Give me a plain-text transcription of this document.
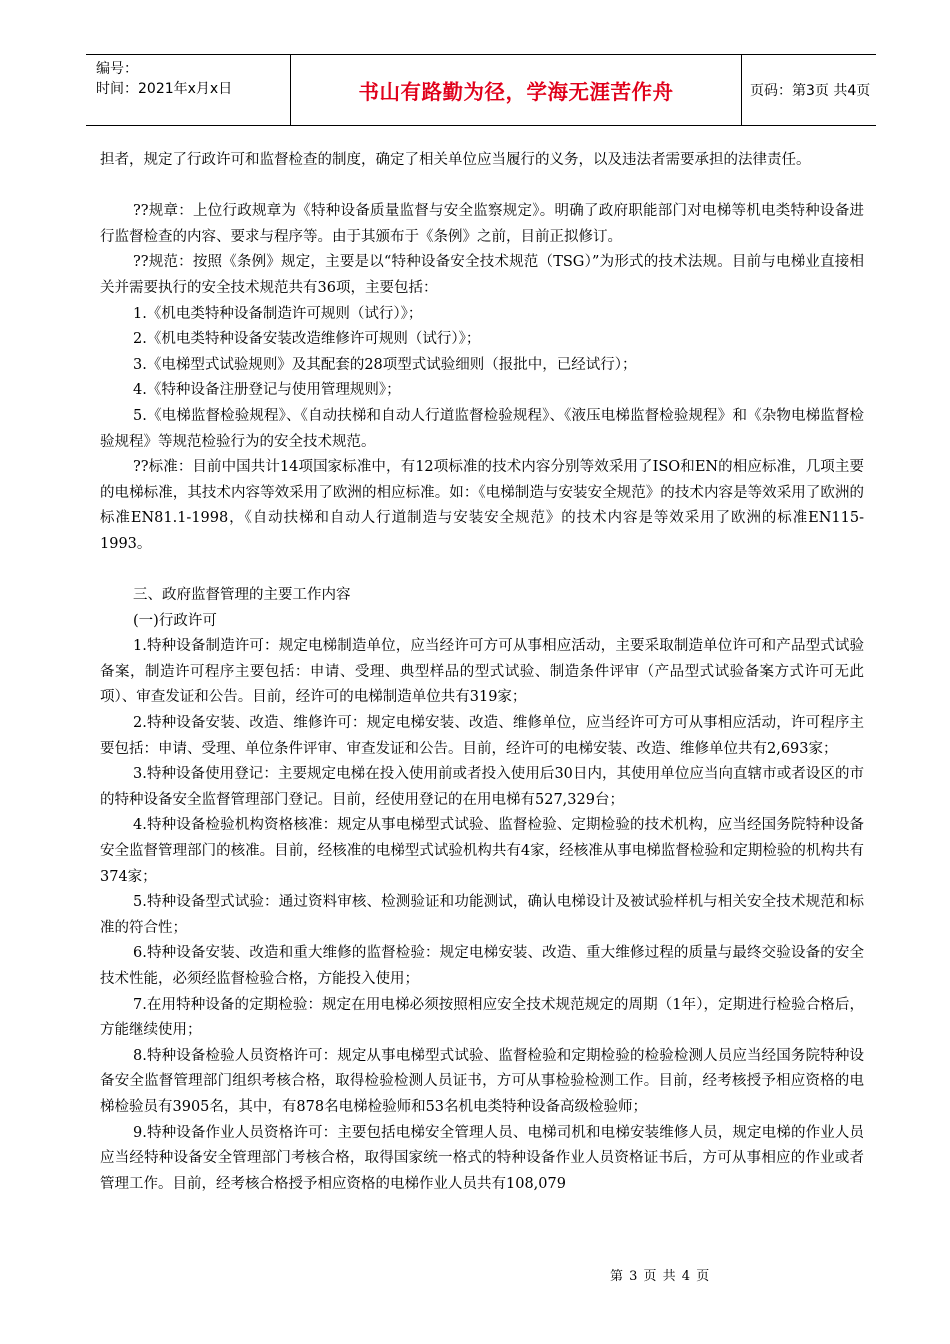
编号：
时间：2021年x月x日	书山有路勤为径，学海无涯苦作舟	页码：第3页 共4页

担者，规定了行政许可和监督检查的制度，确定了相关单位应当履行的义务，以及违法者需要承担的法律责任。

??规章：上位行政规章为《特种设备质量监督与安全监察规定》。明确了政府职能部门对电梯等机电类特种设备进行监督检查的内容、要求与程序等。由于其颁布于《条例》之前，目前正拟修订。

??规范：按照《条例》规定，主要是以“特种设备安全技术规范（TSG）”为形式的技术法规。目前与电梯业直接相关并需要执行的安全技术规范共有36项，主要包括：

1.《机电类特种设备制造许可规则（试行）》；

2.《机电类特种设备安装改造维修许可规则（试行）》；

3.《电梯型式试验规则》及其配套的28项型式试验细则（报批中，已经试行）；

4.《特种设备注册登记与使用管理规则》；

5.《电梯监督检验规程》、《自动扶梯和自动人行道监督检验规程》、《液压电梯监督检验规程》和《杂物电梯监督检验规程》等规范检验行为的安全技术规范。

??标准：目前中国共计14项国家标准中，有12项标准的技术内容分别等效采用了ISO和EN的相应标准，几项主要的电梯标准，其技术内容等效采用了欧洲的相应标准。如：《电梯制造与安装安全规范》的技术内容是等效采用了欧洲的标准EN81.1-1998，《自动扶梯和自动人行道制造与安装安全规范》的技术内容是等效采用了欧洲的标准EN115-1993。

三、政府监督管理的主要工作内容

(一)行政许可

1.特种设备制造许可：规定电梯制造单位，应当经许可方可从事相应活动，主要采取制造单位许可和产品型式试验备案，制造许可程序主要包括：申请、受理、典型样品的型式试验、制造条件评审（产品型式试验备案方式许可无此项）、审查发证和公告。目前，经许可的电梯制造单位共有319家；

2.特种设备安装、改造、维修许可：规定电梯安装、改造、维修单位，应当经许可方可从事相应活动，许可程序主要包括：申请、受理、单位条件评审、审查发证和公告。目前，经许可的电梯安装、改造、维修单位共有2,693家；

3.特种设备使用登记：主要规定电梯在投入使用前或者投入使用后30日内，其使用单位应当向直辖市或者设区的市的特种设备安全监督管理部门登记。目前，经使用登记的在用电梯有527,329台；

4.特种设备检验机构资格核准：规定从事电梯型式试验、监督检验、定期检验的技术机构，应当经国务院特种设备安全监督管理部门的核准。目前，经核准的电梯型式试验机构共有4家，经核准从事电梯监督检验和定期检验的机构共有374家；

5.特种设备型式试验：通过资料审核、检测验证和功能测试，确认电梯设计及被试验样机与相关安全技术规范和标准的符合性；

6.特种设备安装、改造和重大维修的监督检验：规定电梯安装、改造、重大维修过程的质量与最终交验设备的安全技术性能，必须经监督检验合格，方能投入使用；

7.在用特种设备的定期检验：规定在用电梯必须按照相应安全技术规范规定的周期（1年），定期进行检验合格后，方能继续使用；

8.特种设备检验人员资格许可：规定从事电梯型式试验、监督检验和定期检验的检验检测人员应当经国务院特种设备安全监督管理部门组织考核合格，取得检验检测人员证书，方可从事检验检测工作。目前，经考核授予相应资格的电梯检验员有3905名，其中，有878名电梯检验师和53名机电类特种设备高级检验师；

9.特种设备作业人员资格许可：主要包括电梯安全管理人员、电梯司机和电梯安装维修人员，规定电梯的作业人员应当经特种设备安全管理部门考核合格，取得国家统一格式的特种设备作业人员资格证书后，方可从事相应的作业或者管理工作。目前，经考核合格授予相应资格的电梯作业人员共有108,079

第 3 页 共 4 页
